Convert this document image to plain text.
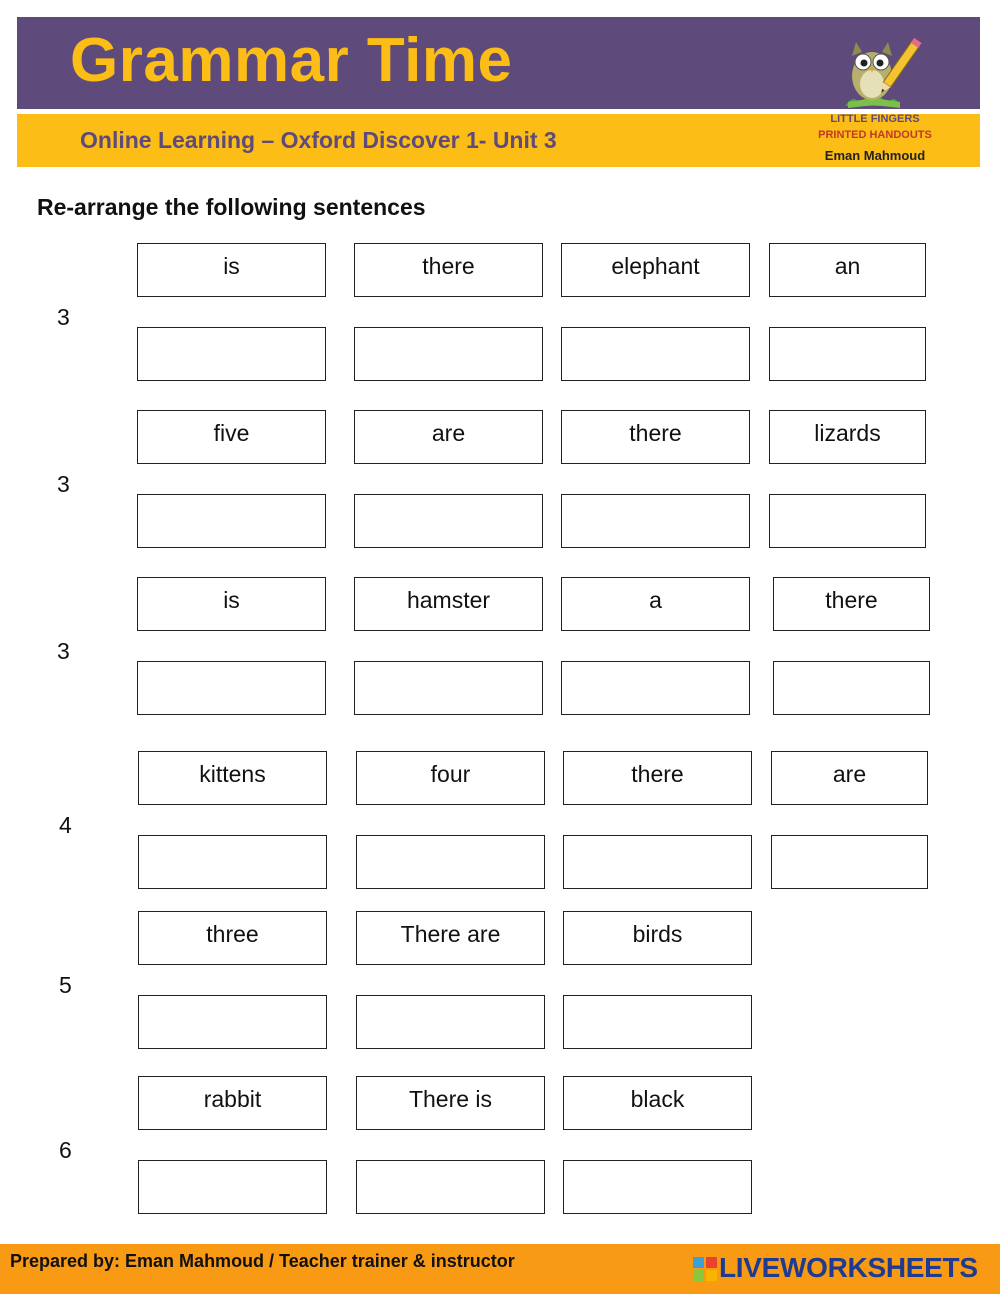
Grammar Time
Online Learning – Oxford Discover 1- Unit 3
LITTLE FINGERS
PRINTED HANDOUTS
Eman Mahmoud
Re-arrange the following sentences
3
is	there	elephant	an
3
five	are	there	lizards
3
is	hamster	a	there
4
kittens	four	there	are
5
three	There are	birds
6
rabbit	There is	black
Prepared by: Eman Mahmoud / Teacher trainer & instructor	LIVEWORKSHEETS
